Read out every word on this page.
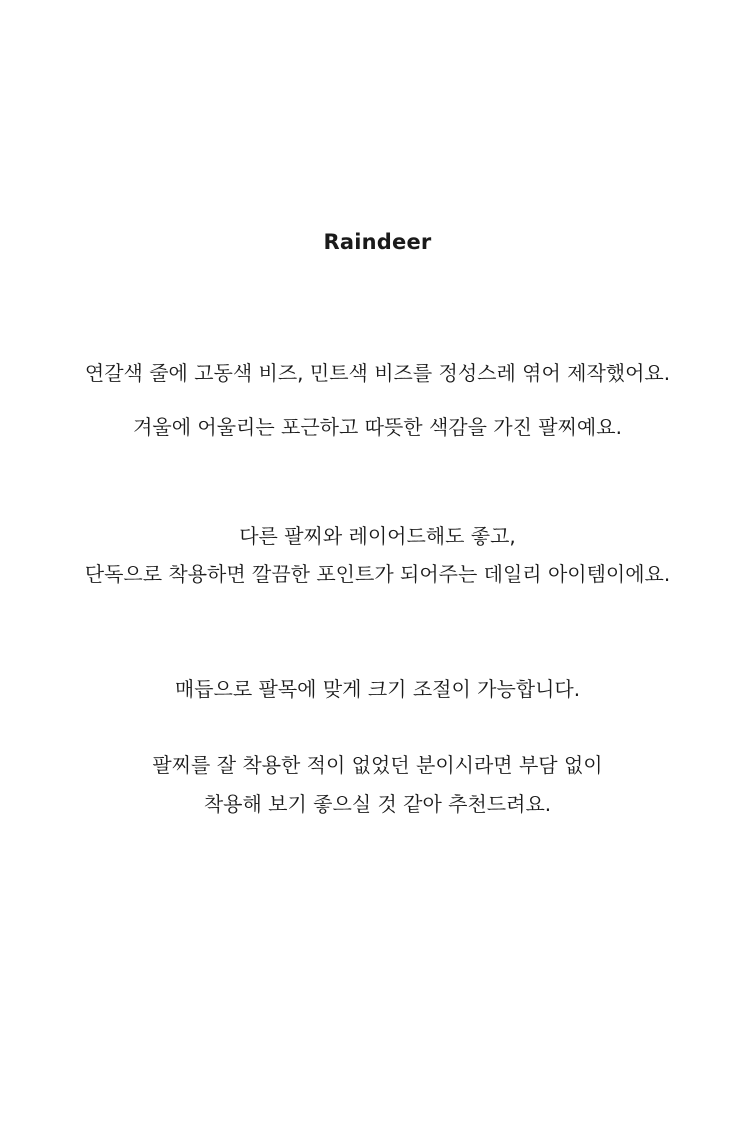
Raindeer
연갈색 줄에 고동색 비즈, 민트색 비즈를 정성스레 엮어 제작했어요.
겨울에 어울리는 포근하고 따뜻한 색감을 가진 팔찌예요.
다른 팔찌와 레이어드해도 좋고,
단독으로 착용하면 깔끔한 포인트가 되어주는 데일리 아이템이에요.
매듭으로 팔목에 맞게 크기 조절이 가능합니다.
팔찌를 잘 착용한 적이 없었던 분이시라면 부담 없이
착용해 보기 좋으실 것 같아 추천드려요.
